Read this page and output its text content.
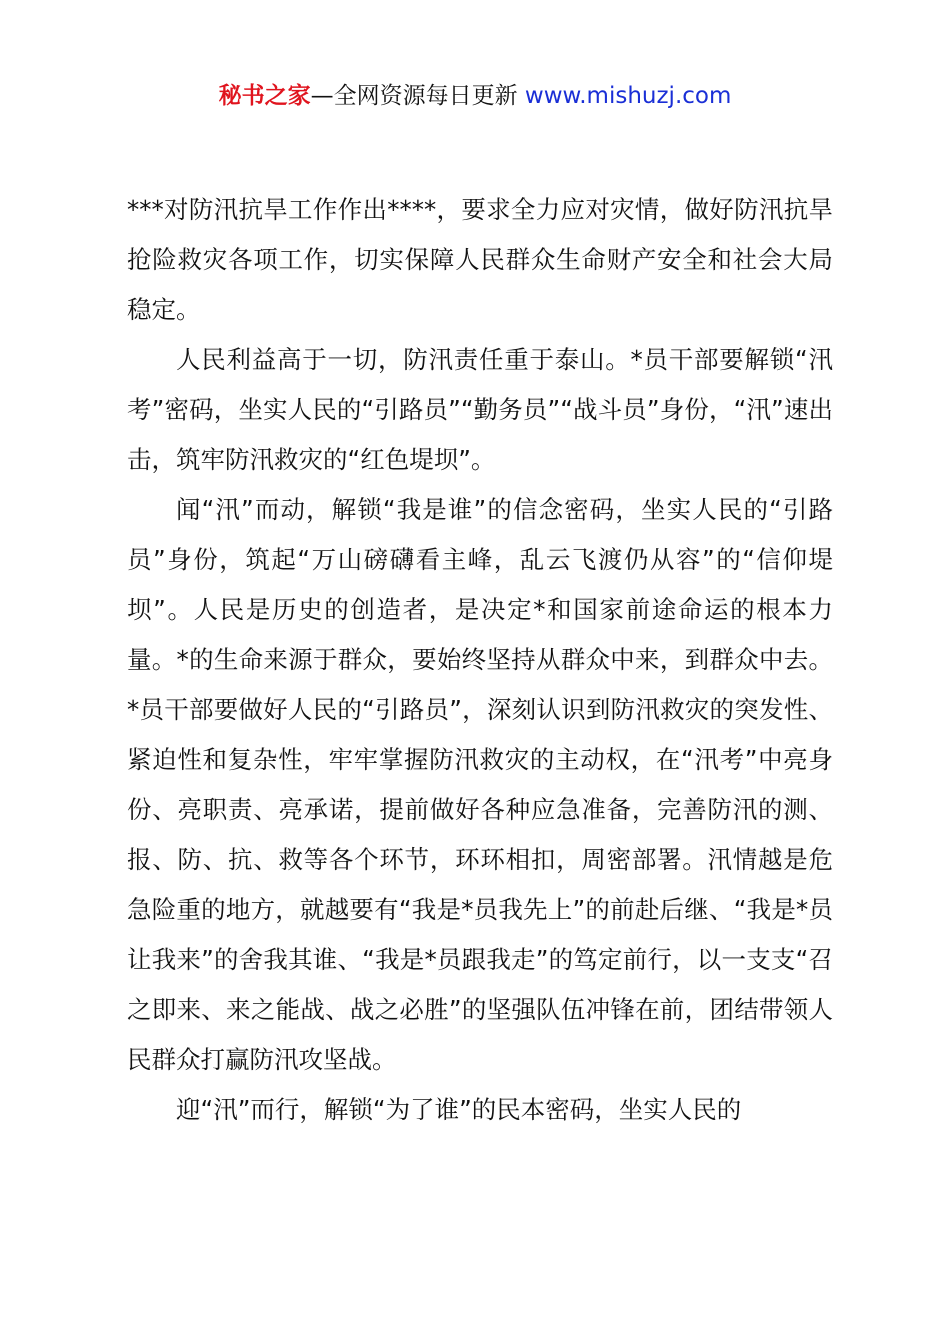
秘书之家—全网资源每日更新 www.mishuzj.com

***对防汛抗旱工作作出****，要求全力应对灾情，做好防汛抗旱抢险救灾各项工作，切实保障人民群众生命财产安全和社会大局稳定。

人民利益高于一切，防汛责任重于泰山。*员干部要解锁“汛考”密码，坐实人民的“引路员”“勤务员”“战斗员”身份，“汛”速出击，筑牢防汛救灾的“红色堤坝”。

闻“汛”而动，解锁“我是谁”的信念密码，坐实人民的“引路员”身份，筑起“万山磅礴看主峰，乱云飞渡仍从容”的“信仰堤坝”。人民是历史的创造者，是决定*和国家前途命运的根本力量。*的生命来源于群众，要始终坚持从群众中来，到群众中去。*员干部要做好人民的“引路员”，深刻认识到防汛救灾的突发性、紧迫性和复杂性，牢牢掌握防汛救灾的主动权，在“汛考”中亮身份、亮职责、亮承诺，提前做好各种应急准备，完善防汛的测、报、防、抗、救等各个环节，环环相扣，周密部署。汛情越是危急险重的地方，就越要有“我是*员我先上”的前赴后继、“我是*员让我来”的舍我其谁、“我是*员跟我走”的笃定前行，以一支支“召之即来、来之能战、战之必胜”的坚强队伍冲锋在前，团结带领人民群众打赢防汛攻坚战。

迎“汛”而行，解锁“为了谁”的民本密码，坐实人民的
